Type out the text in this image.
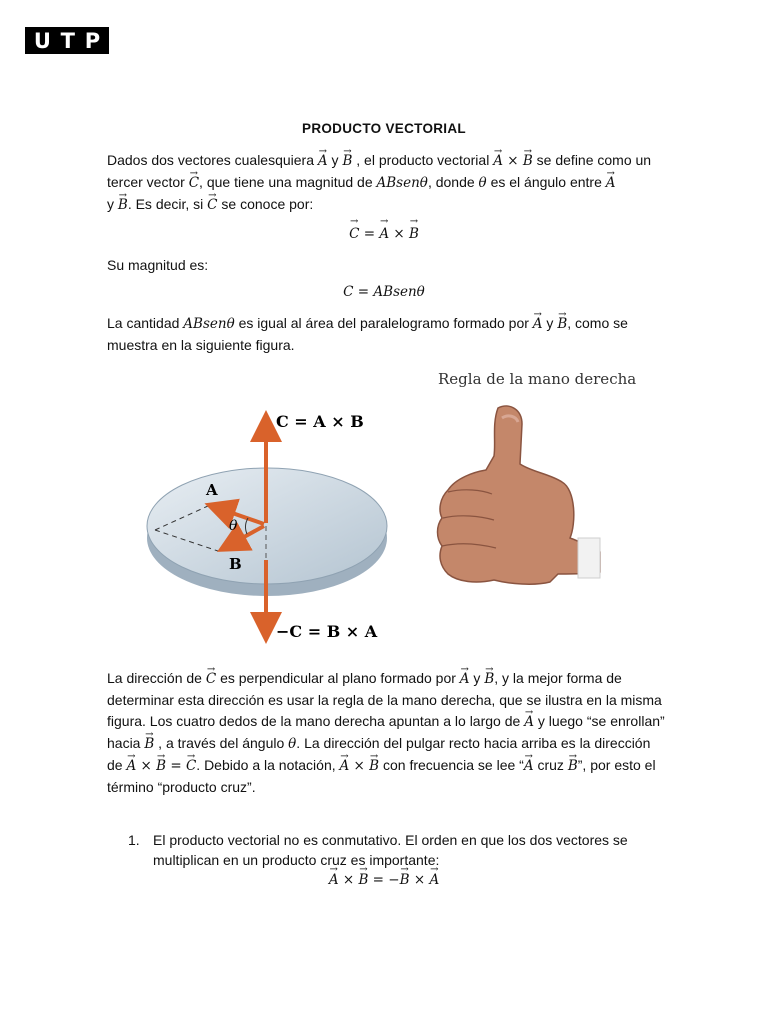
U T P
PRODUCTO VECTORIAL
Dados dos vectores cualesquiera → A y → B , el producto vectorial → A × → B se define como un tercer vector → C, que tiene una magnitud de ABsenθ, donde θ es el ángulo entre → A
y → B. Es decir, si → C se conoce por:
→ C = → A × → B
Su magnitud es:
C = ABsenθ
La cantidad ABsenθ es igual al área del paralelogramo formado por → A y → B, como se muestra en la siguiente figura.
C = A × B
A
θ
B
−C = B × A
Regla de la mano derecha
La dirección de → C es perpendicular al plano formado por → A y → B, y la mejor forma de determinar esta dirección es usar la regla de la mano derecha, que se ilustra en la misma figura. Los cuatro dedos de la mano derecha apuntan a lo largo de → A y luego “se enrollan” hacia → B , a través del ángulo θ. La dirección del pulgar recto hacia arriba es la dirección de → A × → B = → C. Debido a la notación, → A × → B con frecuencia se lee “→ A cruz → B”, por esto el término “producto cruz”.
1. El producto vectorial no es conmutativo. El orden en que los dos vectores se multiplican en un producto cruz es importante:
→ A × → B = −→ B × → A
